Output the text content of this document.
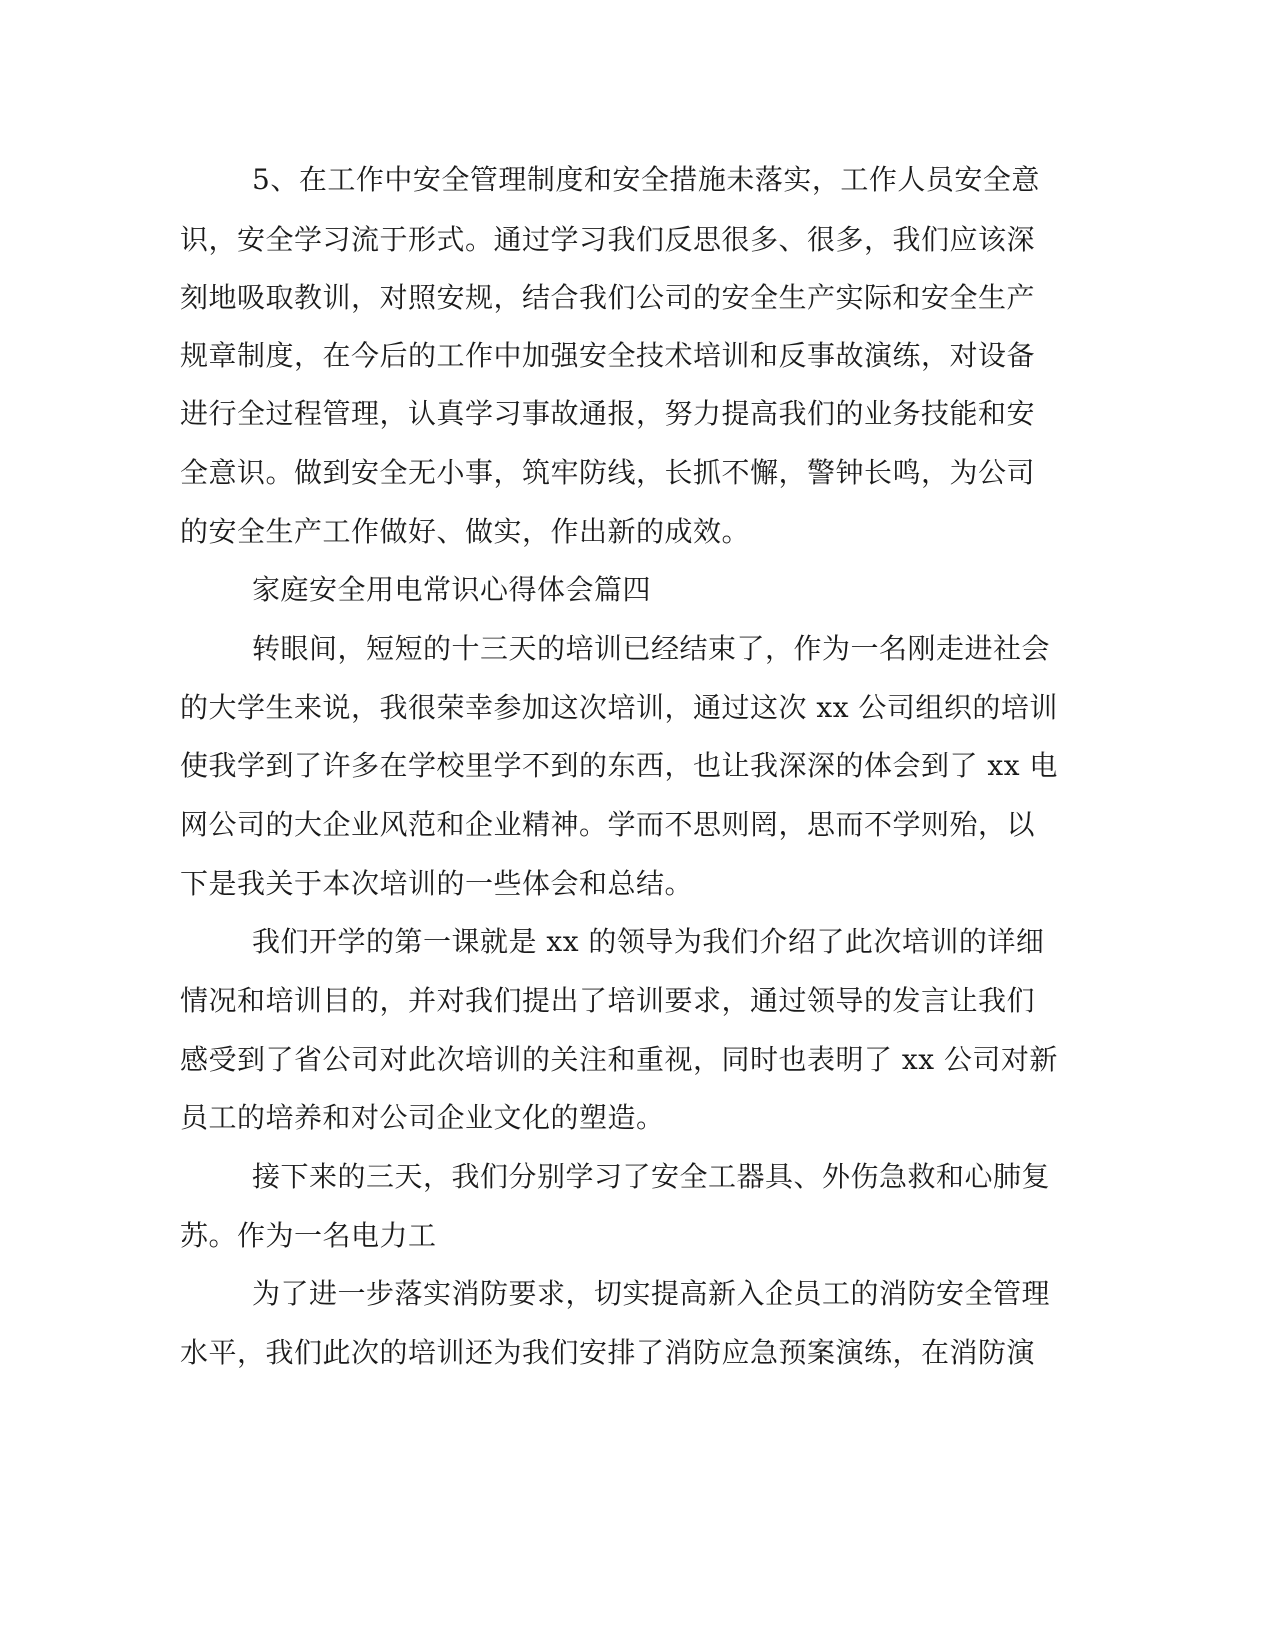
5、在工作中安全管理制度和安全措施未落实，工作人员安全意
识，安全学习流于形式。通过学习我们反思很多、很多，我们应该深
刻地吸取教训，对照安规，结合我们公司的安全生产实际和安全生产
规章制度，在今后的工作中加强安全技术培训和反事故演练，对设备
进行全过程管理，认真学习事故通报，努力提高我们的业务技能和安
全意识。做到安全无小事，筑牢防线，长抓不懈，警钟长鸣，为公司
的安全生产工作做好、做实，作出新的成效。
家庭安全用电常识心得体会篇四
转眼间，短短的十三天的培训已经结束了，作为一名刚走进社会
的大学生来说，我很荣幸参加这次培训，通过这次 xx 公司组织的培训
使我学到了许多在学校里学不到的东西，也让我深深的体会到了 xx 电
网公司的大企业风范和企业精神。学而不思则罔，思而不学则殆，以
下是我关于本次培训的一些体会和总结。
我们开学的第一课就是 xx 的领导为我们介绍了此次培训的详细
情况和培训目的，并对我们提出了培训要求，通过领导的发言让我们
感受到了省公司对此次培训的关注和重视，同时也表明了 xx 公司对新
员工的培养和对公司企业文化的塑造。
接下来的三天，我们分别学习了安全工器具、外伤急救和心肺复
苏。作为一名电力工
为了进一步落实消防要求，切实提高新入企员工的消防安全管理
水平，我们此次的培训还为我们安排了消防应急预案演练，在消防演
